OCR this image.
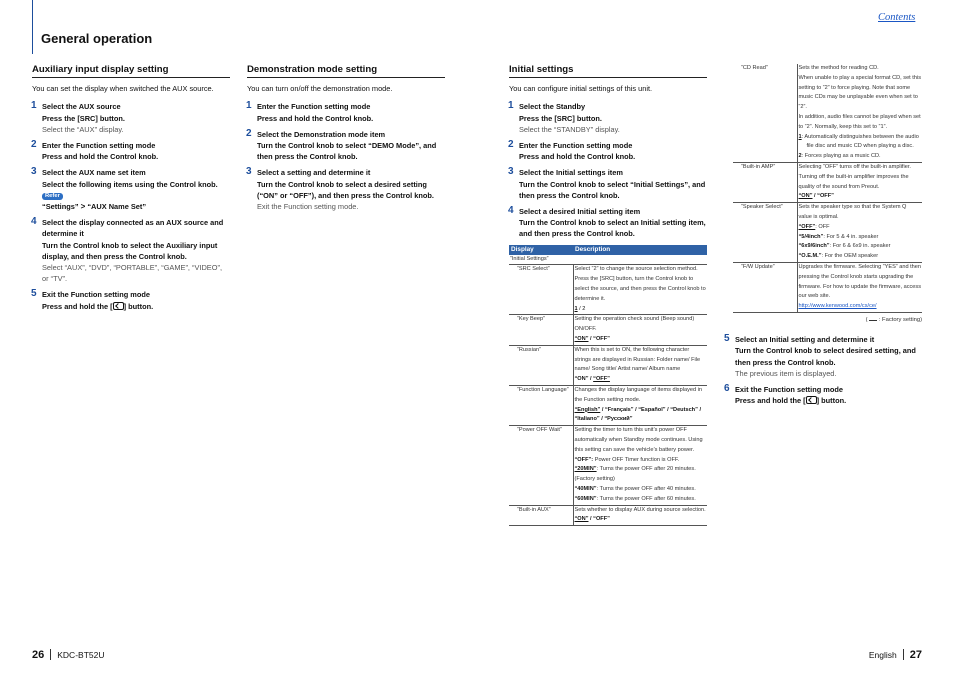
General operation
Contents
Auxiliary input display setting
You can set the display when switched the AUX source.
1 Select the AUX source
Press the [SRC] button.
Select the “AUX” display.
2 Enter the Function setting mode
Press and hold the Control knob.
3 Select the AUX name set item
Select the following items using the Control knob. Refer
“Settings” > “AUX Name Set”
4 Select the display connected as an AUX source and determine it
Turn the Control knob to select the Auxiliary input display, and then press the Control knob.
Select “AUX”, “DVD”, “PORTABLE”, “GAME”, “VIDEO”, or “TV”.
5 Exit the Function setting mode
Press and hold the [ ] button.
Demonstration mode setting
You can turn on/off the demonstration mode.
1 Enter the Function setting mode
Press and hold the Control knob.
2 Select the Demonstration mode item
Turn the Control knob to select “DEMO Mode”, and then press the Control knob.
3 Select a setting and determine it
Turn the Control knob to select a desired setting (“ON” or “OFF”), and then press the Control knob.
Exit the Function setting mode.
Initial settings
You can configure initial settings of this unit.
1 Select the Standby
Press the [SRC] button.
Select the “STANDBY” display.
2 Enter the Function setting mode
Press and hold the Control knob.
3 Select the Initial settings item
Turn the Control knob to select “Initial Settings”, and then press the Control knob.
4 Select a desired Initial setting item
Turn the Control knob to select an Initial setting item, and then press the Control knob.
Display	Description
“Initial Settings”	
“SRC Select”	Select “2” to change the source selection method. Press the [SRC] button, turn the Control knob to select the source, and then press the Control knob to determine it.
1 / 2

“Key Beep”	Setting the operation check sound (Beep sound) ON/OFF.
“ON” / “OFF”

“Russian”	When this is set to ON, the following character strings are displayed in Russian: Folder name/ File name/ Song title/ Artist name/ Album name
“ON” / “OFF”

“Function Language”	Changes the display language of items displayed in the Function setting mode.
“English” / “Français” / “Español” / “Deutsch” / “Italiano” / “Русский”

“Power OFF Wait”	Setting the timer to turn this unit’s power OFF automatically when Standby mode continues. Using this setting can save the vehicle’s battery power.
“OFF”: Power OFF Timer function is OFF.
“20MIN”: Turns the power OFF after 20 minutes. (Factory setting)
“40MIN”: Turns the power OFF after 40 minutes.
“60MIN”: Turns the power OFF after 60 minutes.

“Built-in AUX”	Sets whether to display AUX during source selection.
“ON” / “OFF”
“CD Read”	Sets the method for reading CD.
When unable to play a special format CD, set this setting to “2” to force playing. Note that some music CDs may be unplayable even when set to “2”.
In addition, audio files cannot be played when set to “2”. Normally, keep this set to “1”.
1: Automatically distinguishes between the audio file disc and music CD when playing a disc.
2: Forces playing as a music CD.

“Built-in AMP”	Selecting “OFF” turns off the built-in amplifier. Turning off the built-in amplifier improves the quality of the sound from Preout.
“ON” / “OFF”

“Speaker Select”	Sets the speaker type so that the System Q value is optimal.
“OFF”: OFF
“5/4inch”: For 5 & 4 in. speaker
“6x9/6inch”: For 6 & 6x9 in. speaker
“O.E.M.”: For the OEM speaker

“F/W Update”	Upgrades the firmware. Selecting “YES” and then pressing the Control knob starts upgrading the firmware. For how to update the firmware, access our web site.
http://www.kenwood.com/cs/ce/
(  : Factory setting)
5 Select an Initial setting and determine it
Turn the Control knob to select desired setting, and then press the Control knob.
The previous item is displayed.
6 Exit the Function setting mode
Press and hold the [ ] button.
26 KDC-BT52U	English 27
